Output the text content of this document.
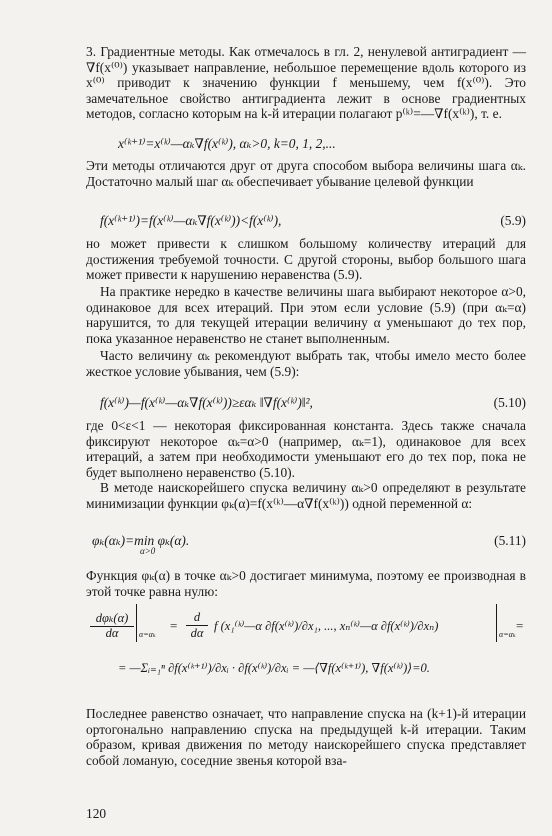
3. Градиентные методы. Как отмечалось в гл. 2, ненулевой антиградиент —∇f(x⁽⁰⁾) указывает направление, небольшое перемещение вдоль которого из x⁽⁰⁾ приводит к значению функции f меньшему, чем f(x⁽⁰⁾). Это замечательное свойство антиградиента лежит в основе градиентных методов, согласно которым на k-й итерации полагают p⁽ᵏ⁾=—∇f(x⁽ᵏ⁾), т. е.
x⁽ᵏ⁺¹⁾=x⁽ᵏ⁾—αₖ∇f(x⁽ᵏ⁾), αₖ>0, k=0, 1, 2,...
Эти методы отличаются друг от друга способом выбора величины шага αₖ. Достаточно малый шаг αₖ обеспечивает убывание целевой функции
f(x⁽ᵏ⁺¹⁾)=f(x⁽ᵏ⁾—αₖ∇f(x⁽ᵏ⁾))<f(x⁽ᵏ⁾),	(5.9)
но может привести к слишком большому количеству итераций для достижения требуемой точности. С другой стороны, выбор большого шага может привести к нарушению неравенства (5.9).
На практике нередко в качестве величины шага выбирают некоторое α>0, одинаковое для всех итераций. При этом если условие (5.9) (при αₖ=α) нарушится, то для текущей итерации величину α уменьшают до тех пор, пока указанное неравенство не станет выполненным.
Часто величину αₖ рекомендуют выбрать так, чтобы имело место более жесткое условие убывания, чем (5.9):
f(x⁽ᵏ⁾)—f(x⁽ᵏ⁾—αₖ∇f(x⁽ᵏ⁾))≥εαₖ ‖∇f(x⁽ᵏ⁾)‖²,	(5.10)
где 0<ε<1 — некоторая фиксированная константа. Здесь также сначала фиксируют некоторое αₖ=α>0 (например, αₖ=1), одинаковое для всех итераций, а затем при необходимости уменьшают его до тех пор, пока не будет выполнено неравенство (5.10).
В методе наискорейшего спуска величину αₖ>0 определяют в результате минимизации функции φₖ(α)=f(x⁽ᵏ⁾—α∇f(x⁽ᵏ⁾)) одной переменной α:
φₖ(αₖ)=min φₖ(α).
α>0
(5.11)
Функция φₖ(α) в точке αₖ>0 достигает минимума, поэтому ее производная в этой точке равна нулю:
dφₖ(α)
dα	α=αₖ
=
d
dα f (x₁⁽ᵏ⁾—α ∂f(x⁽ᵏ⁾)/∂x₁, ..., xₙ⁽ᵏ⁾—α ∂f(x⁽ᵏ⁾)/∂xₙ)
α=αₖ
=
= —Σᵢ₌₁ⁿ ∂f(x⁽ᵏ⁺¹⁾)/∂xᵢ · ∂f(x⁽ᵏ⁾)/∂xᵢ = —⟨∇f(x⁽ᵏ⁺¹⁾), ∇f(x⁽ᵏ⁾)⟩=0.
Последнее равенство означает, что направление спуска на (k+1)-й итерации ортогонально направлению спуска на предыдущей k-й итерации. Таким образом, кривая движения по методу наискорейшего спуска представляет собой ломаную, соседние звенья которой вза-
120
